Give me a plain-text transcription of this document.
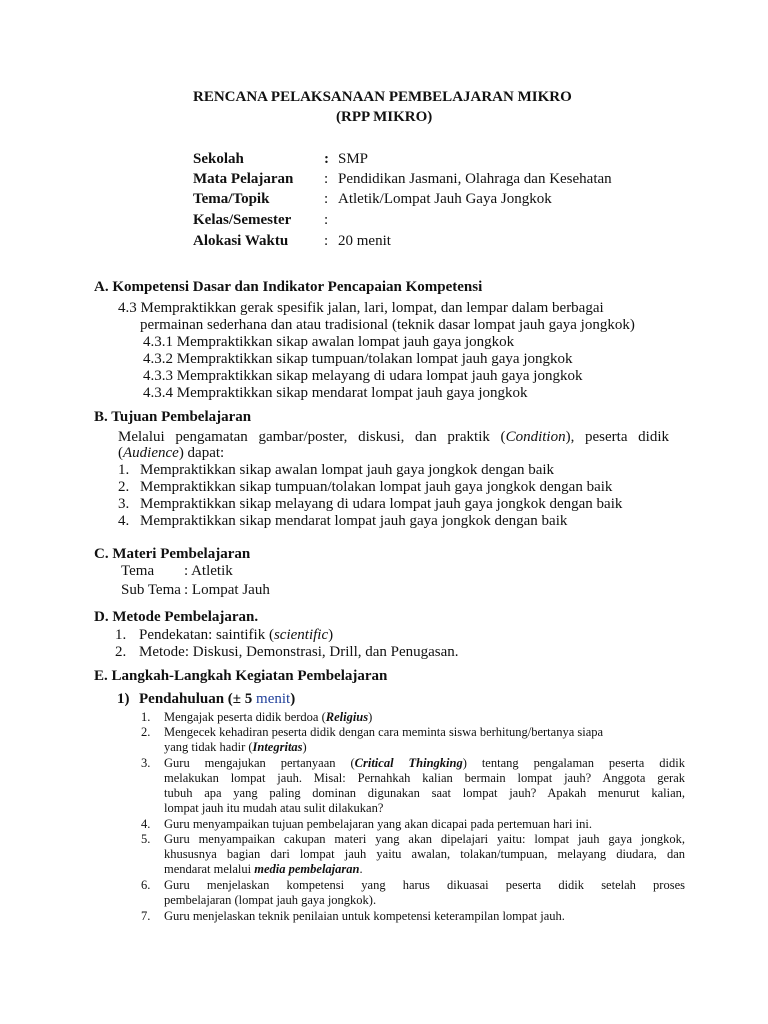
RENCANA PELAKSANAAN PEMBELAJARAN MIKRO
(RPP MIKRO)
Sekolah	: SMP
Mata Pelajaran : Pendidikan Jasmani, Olahraga dan Kesehatan
Tema/Topik	: Atletik/Lompat Jauh Gaya Jongkok
Kelas/Semester :
Alokasi Waktu : 20 menit
A. Kompetensi Dasar dan Indikator Pencapaian Kompetensi
4.3 Mempraktikkan gerak spesifik jalan, lari, lompat, dan lempar dalam berbagai
permainan sederhana dan atau tradisional (teknik dasar lompat jauh gaya jongkok)
4.3.1 Mempraktikkan sikap awalan lompat jauh gaya jongkok
4.3.2 Mempraktikkan sikap tumpuan/tolakan lompat jauh gaya jongkok
4.3.3 Mempraktikkan sikap melayang di udara lompat jauh gaya jongkok
4.3.4 Mempraktikkan sikap mendarat lompat jauh gaya jongkok
B. Tujuan Pembelajaran
Melalui pengamatan gambar/poster, diskusi, dan praktik (Condition), peserta didik
(Audience) dapat:
1. Mempraktikkan sikap awalan lompat jauh gaya jongkok dengan baik
2. Mempraktikkan sikap tumpuan/tolakan lompat jauh gaya jongkok dengan baik
3. Mempraktikkan sikap melayang di udara lompat jauh gaya jongkok dengan baik
4. Mempraktikkan sikap mendarat lompat jauh gaya jongkok dengan baik
C. Materi Pembelajaran
Tema : Atletik
Sub Tema : Lompat Jauh
D. Metode Pembelajaran.
1. Pendekatan: saintifik (scientific)
2. Metode: Diskusi, Demonstrasi, Drill, dan Penugasan.
E. Langkah-Langkah Kegiatan Pembelajaran
1) Pendahuluan (± 5 menit)
1. Mengajak peserta didik berdoa (Religius)
2. Mengecek kehadiran peserta didik dengan cara meminta siswa berhitung/bertanya siapa
yang tidak hadir (Integritas)
3. Guru mengajukan pertanyaan (Critical Thingking) tentang pengalaman peserta didik
melakukan lompat jauh. Misal: Pernahkah kalian bermain lompat jauh? Anggota gerak
tubuh apa yang paling dominan digunakan saat lompat jauh? Apakah menurut kalian,
lompat jauh itu mudah atau sulit dilakukan?
4. Guru menyampaikan tujuan pembelajaran yang akan dicapai pada pertemuan hari ini.
5. Guru menyampaikan cakupan materi yang akan dipelajari yaitu: lompat jauh gaya jongkok,
khususnya bagian dari lompat jauh yaitu awalan, tolakan/tumpuan, melayang diudara, dan
mendarat melalui media pembelajaran.
6. Guru menjelaskan kompetensi yang harus dikuasai peserta didik setelah proses
pembelajaran (lompat jauh gaya jongkok).
7. Guru menjelaskan teknik penilaian untuk kompetensi keterampilan lompat jauh.
